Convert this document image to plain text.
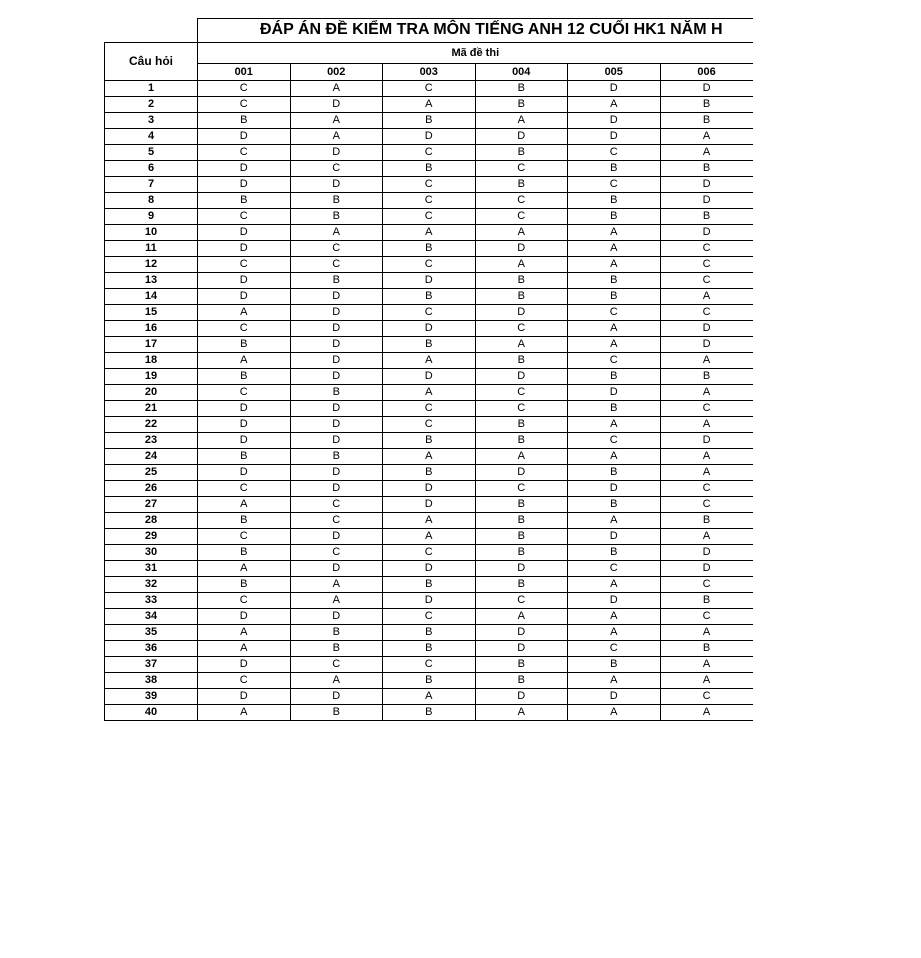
ĐÁP ÁN ĐỀ KIỂM TRA MÔN TIẾNG ANH 12 CUỐI HK1 NĂM H
Câu hỏi	Mã đề thi					
	001	002	003	004	005	006
1	C	A	C	B	D	D
2	C	D	A	B	A	B
3	B	A	B	A	D	B
4	D	A	D	D	D	A
5	C	D	C	B	C	A
6	D	C	B	C	B	B
7	D	D	C	B	C	D
8	B	B	C	C	B	D
9	C	B	C	C	B	B
10	D	A	A	A	A	D
11	D	C	B	D	A	C
12	C	C	C	A	A	C
13	D	B	D	B	B	C
14	D	D	B	B	B	A
15	A	D	C	D	C	C
16	C	D	D	C	A	D
17	B	D	B	A	A	D
18	A	D	A	B	C	A
19	B	D	D	D	B	B
20	C	B	A	C	D	A
21	D	D	C	C	B	C
22	D	D	C	B	A	A
23	D	D	B	B	C	D
24	B	B	A	A	A	A
25	D	D	B	D	B	A
26	C	D	D	C	D	C
27	A	C	D	B	B	C
28	B	C	A	B	A	B
29	C	D	A	B	D	A
30	B	C	C	B	B	D
31	A	D	D	D	C	D
32	B	A	B	B	A	C
33	C	A	D	C	D	B
34	D	D	C	A	A	C
35	A	B	B	D	A	A
36	A	B	B	D	C	B
37	D	C	C	B	B	A
38	C	A	B	B	A	A
39	D	D	A	D	D	C
40	A	B	B	A	A	A
